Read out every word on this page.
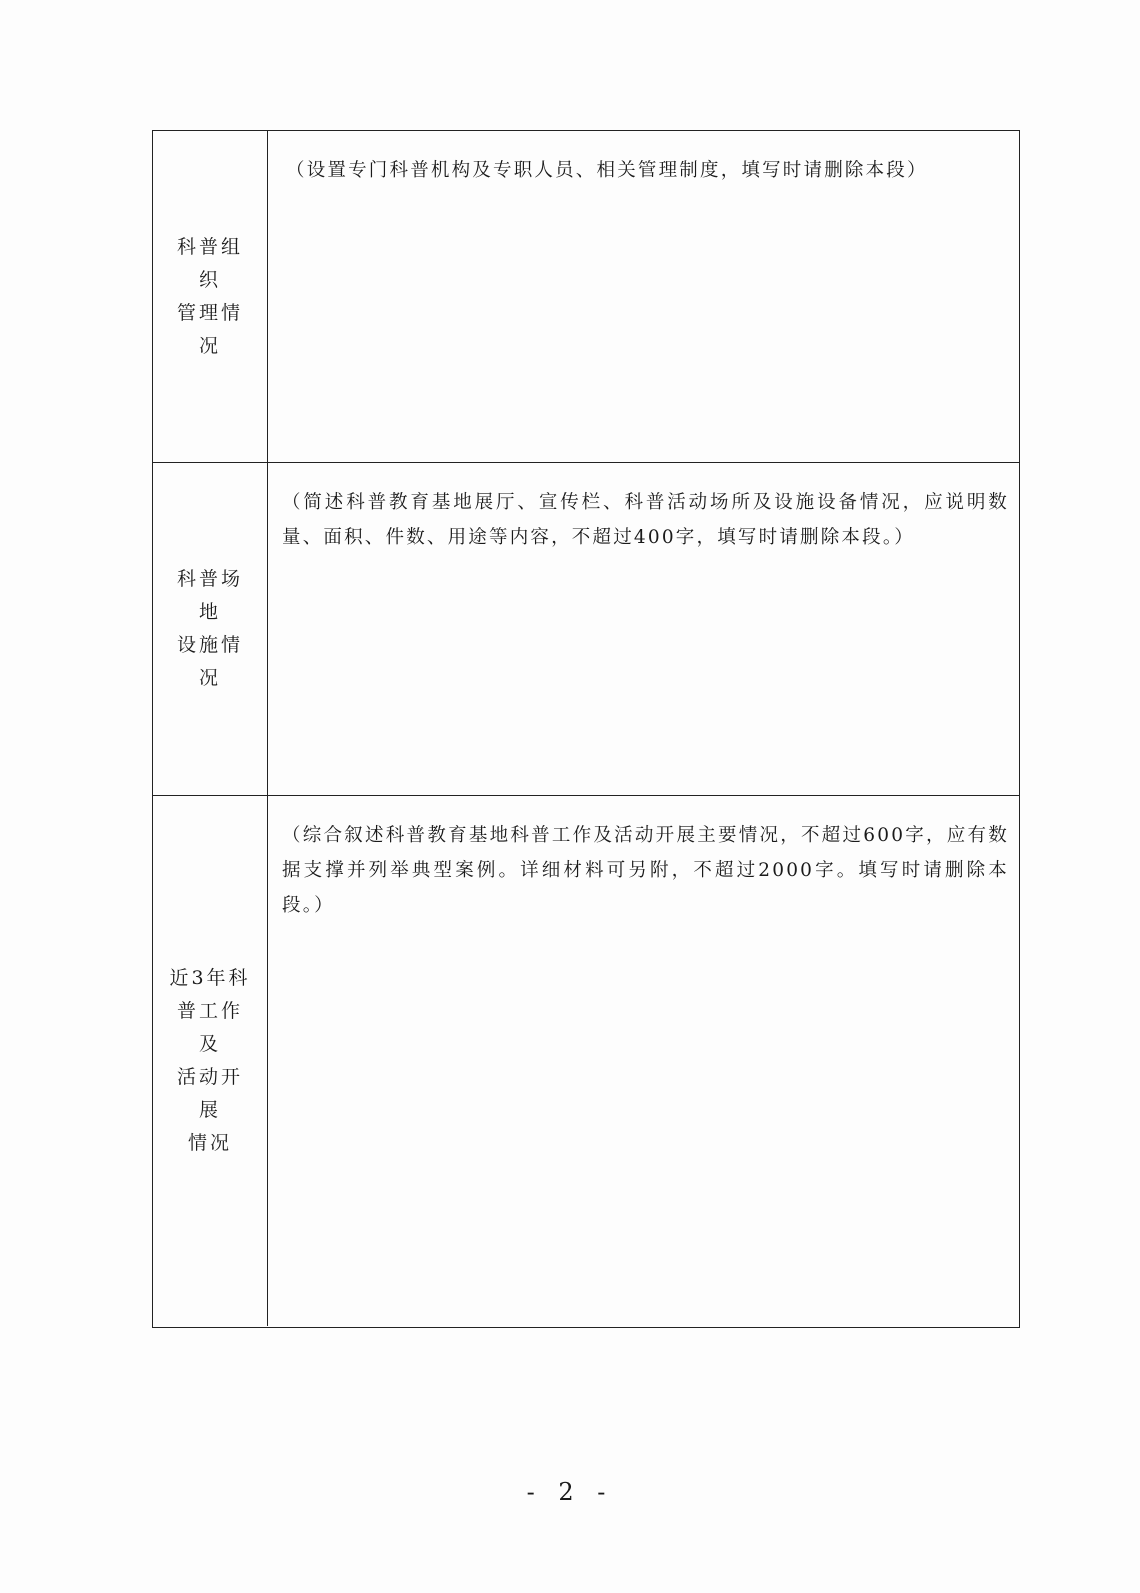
科普组织
管理情况

（设置专门科普机构及专职人员、相关管理制度，填写时请删除本段）

科普场地
设施情况

（简述科普教育基地展厅、宣传栏、科普活动场所及设施设备情况，应说明数量、面积、件数、用途等内容，不超过400字，填写时请删除本段。）

近3年科
普工作及
活动开展
情况

（综合叙述科普教育基地科普工作及活动开展主要情况，不超过600字，应有数据支撑并列举典型案例。详细材料可另附，不超过2000字。填写时请删除本段。）

- 2 -
